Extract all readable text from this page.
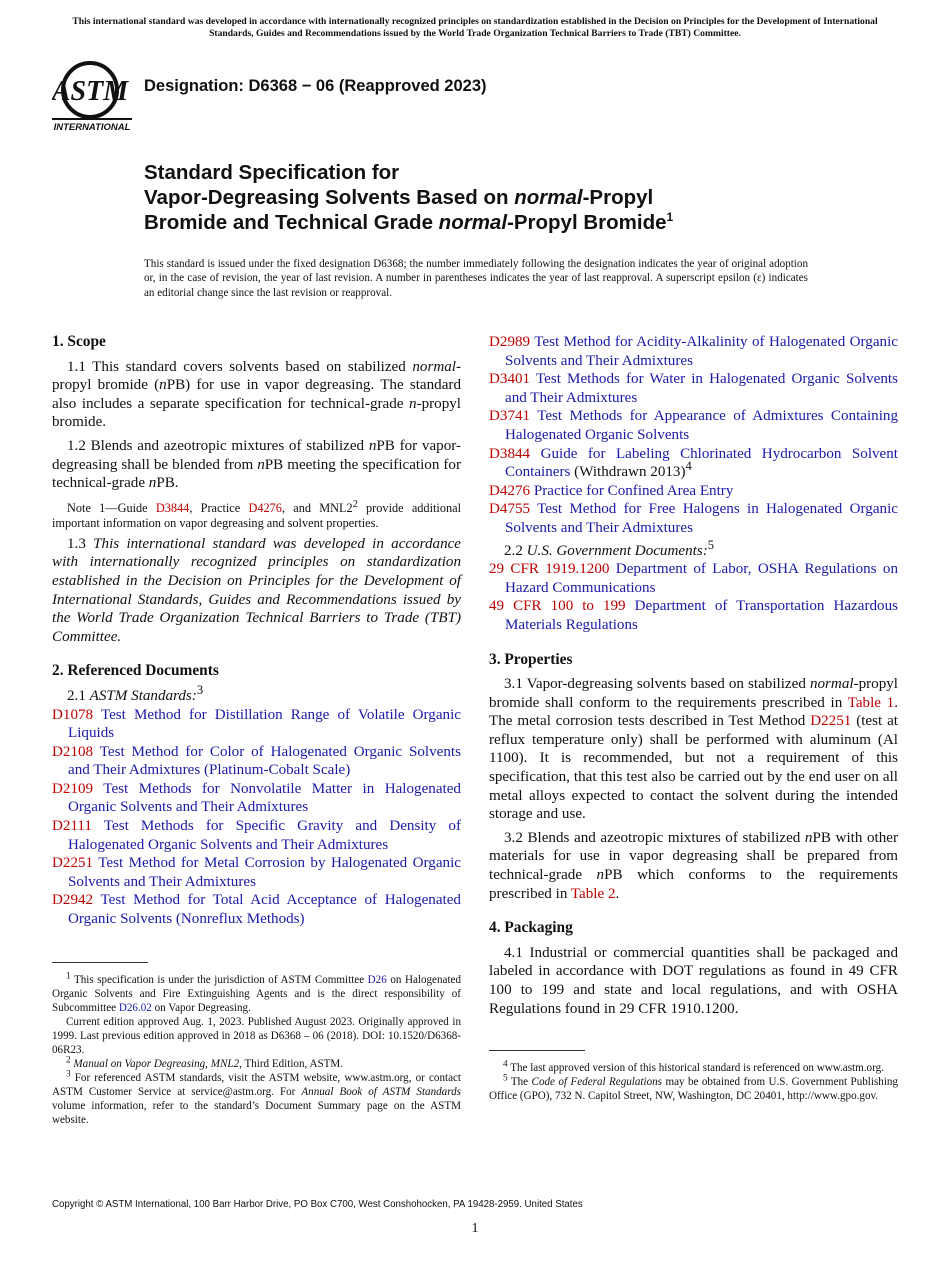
This international standard was developed in accordance with internationally recognized principles on standardization established in the Decision on Principles for the Development of International Standards, Guides and Recommendations issued by the World Trade Organization Technical Barriers to Trade (TBT) Committee.
ASTM
INTERNATIONAL
Designation: D6368 − 06 (Reapproved 2023)
Standard Specification for
Vapor-Degreasing Solvents Based on normal-Propyl
Bromide and Technical Grade normal-Propyl Bromide$^1$
This standard is issued under the fixed designation D6368; the number immediately following the designation indicates the year of original adoption or, in the case of revision, the year of last revision. A number in parentheses indicates the year of last reapproval. A superscript epsilon (ε) indicates an editorial change since the last revision or reapproval.
1. Scope

1.1 This standard covers solvents based on stabilized normal-propyl bromide (nPB) for use in vapor degreasing. The standard also includes a separate specification for technical-grade n-propyl bromide.

1.2 Blends and azeotropic mixtures of stabilized nPB for vapor-degreasing shall be blended from nPB meeting the specification for technical-grade nPB.

Note 1—Guide D3844, Practice D4276, and $MNL2^2$ provide additional important information on vapor degreasing and solvent properties.

1.3 This international standard was developed in accordance with internationally recognized principles on standardization established in the Decision on Principles for the Development of International Standards, Guides and Recommendations issued by the World Trade Organization Technical Barriers to Trade (TBT) Committee.

2. Referenced Documents

2.1 ASTM Standards:$^3$

D1078 Test Method for Distillation Range of Volatile Organic Liquids

D2108 Test Method for Color of Halogenated Organic Solvents and Their Admixtures (Platinum-Cobalt Scale)

D2109 Test Methods for Nonvolatile Matter in Halogenated Organic Solvents and Their Admixtures

D2111 Test Methods for Specific Gravity and Density of Halogenated Organic Solvents and Their Admixtures

D2251 Test Method for Metal Corrosion by Halogenated Organic Solvents and Their Admixtures

D2942 Test Method for Total Acid Acceptance of Halogenated Organic Solvents (Nonreflux Methods)

$^1$ This specification is under the jurisdiction of ASTM Committee D26 on Halogenated Organic Solvents and Fire Extinguishing Agents and is the direct responsibility of Subcommittee D26.02 on Vapor Degreasing.

Current edition approved Aug. 1, 2023. Published August 2023. Originally approved in 1999. Last previous edition approved in 2018 as D6368 – 06 (2018). DOI: 10.1520/D6368-06R23.

$^2$ Manual on Vapor Degreasing, MNL2, Third Edition, ASTM.

$^3$ For referenced ASTM standards, visit the ASTM website, www.astm.org, or contact ASTM Customer Service at service@astm.org. For Annual Book of ASTM Standards volume information, refer to the standard’s Document Summary page on the ASTM website.

D2989 Test Method for Acidity-Alkalinity of Halogenated Organic Solvents and Their Admixtures

D3401 Test Methods for Water in Halogenated Organic Solvents and Their Admixtures

D3741 Test Methods for Appearance of Admixtures Containing Halogenated Organic Solvents

D3844 Guide for Labeling Chlorinated Hydrocarbon Solvent Containers (Withdrawn 2013)$^4$

D4276 Practice for Confined Area Entry

D4755 Test Method for Free Halogens in Halogenated Organic Solvents and Their Admixtures

2.2 U.S. Government Documents:$^5$

29 CFR 1919.1200 Department of Labor, OSHA Regulations on Hazard Communications

49 CFR 100 to 199 Department of Transportation Hazardous Materials Regulations

3. Properties

3.1 Vapor-degreasing solvents based on stabilized normal-propyl bromide shall conform to the requirements prescribed in Table 1. The metal corrosion tests described in Test Method D2251 (test at reflux temperature only) shall be performed with aluminum (Al 1100). It is recommended, but not a requirement of this specification, that this test also be carried out by the end user on all metal alloys expected to contact the solvent during the intended storage and use.

3.2 Blends and azeotropic mixtures of stabilized nPB with other materials for use in vapor degreasing shall be prepared from technical-grade nPB which conforms to the requirements prescribed in Table 2.

4. Packaging

4.1 Industrial or commercial quantities shall be packaged and labeled in accordance with DOT regulations as found in 49 CFR 100 to 199 and state and local regulations, and with OSHA Regulations found in 29 CFR 1910.1200.

$^4$ The last approved version of this historical standard is referenced on www.astm.org.

$^5$ The Code of Federal Regulations may be obtained from U.S. Government Publishing Office (GPO), 732 N. Capitol Street, NW, Washington, DC 20401, http://www.gpo.gov.

Copyright © ASTM International, 100 Barr Harbor Drive, PO Box C700, West Conshohocken, PA 19428-2959. United States
1
